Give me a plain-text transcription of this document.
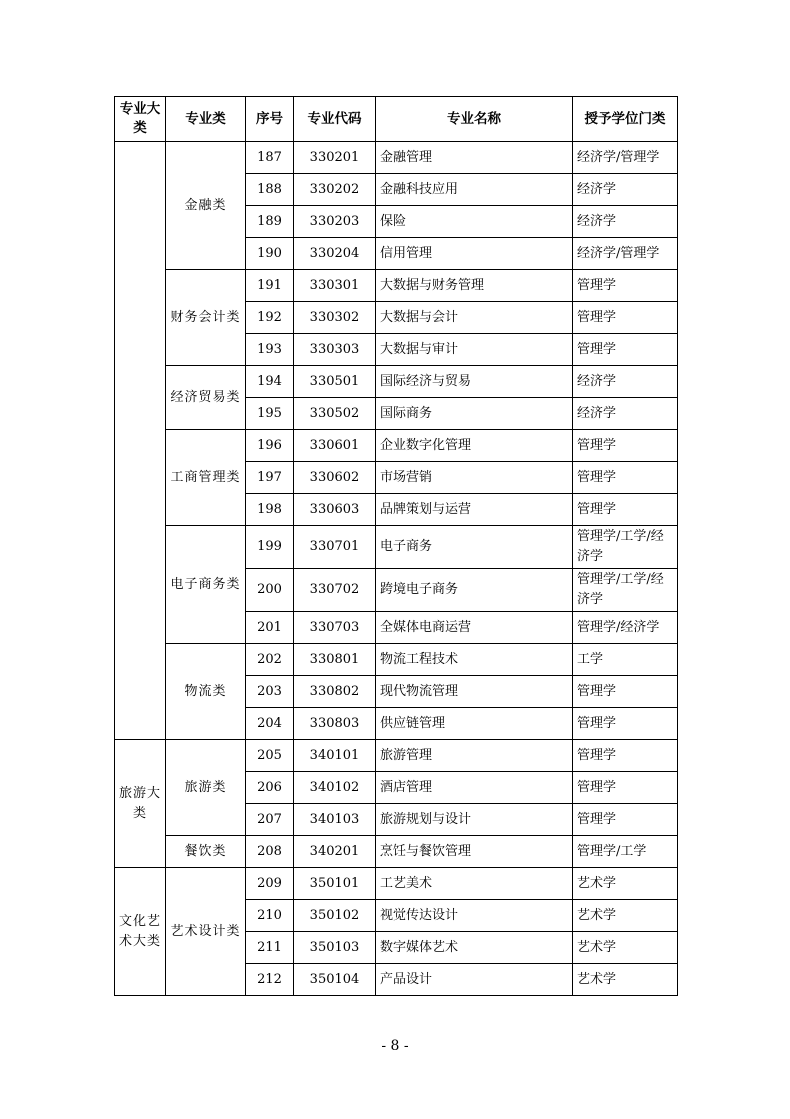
专业大类	专业类	序号	专业代码	专业名称	授予学位门类
	金融类	187	330201	金融管理	经济学/管理学
		188	330202	金融科技应用	经济学
		189	330203	保险	经济学
		190	330204	信用管理	经济学/管理学
	财务会计类	191	330301	大数据与财务管理	管理学
		192	330302	大数据与会计	管理学
		193	330303	大数据与审计	管理学
	经济贸易类	194	330501	国际经济与贸易	经济学
		195	330502	国际商务	经济学
	工商管理类	196	330601	企业数字化管理	管理学
		197	330602	市场营销	管理学
		198	330603	品牌策划与运营	管理学
	电子商务类	199	330701	电子商务	管理学/工学/经济学
		200	330702	跨境电子商务	管理学/工学/经济学
		201	330703	全媒体电商运营	管理学/经济学
	物流类	202	330801	物流工程技术	工学
		203	330802	现代物流管理	管理学
		204	330803	供应链管理	管理学
旅游大类	旅游类	205	340101	旅游管理	管理学
		206	340102	酒店管理	管理学
		207	340103	旅游规划与设计	管理学
	餐饮类	208	340201	烹饪与餐饮管理	管理学/工学
文化艺术大类	艺术设计类	209	350101	工艺美术	艺术学
		210	350102	视觉传达设计	艺术学
		211	350103	数字媒体艺术	艺术学
		212	350104	产品设计	艺术学
- 8 -
